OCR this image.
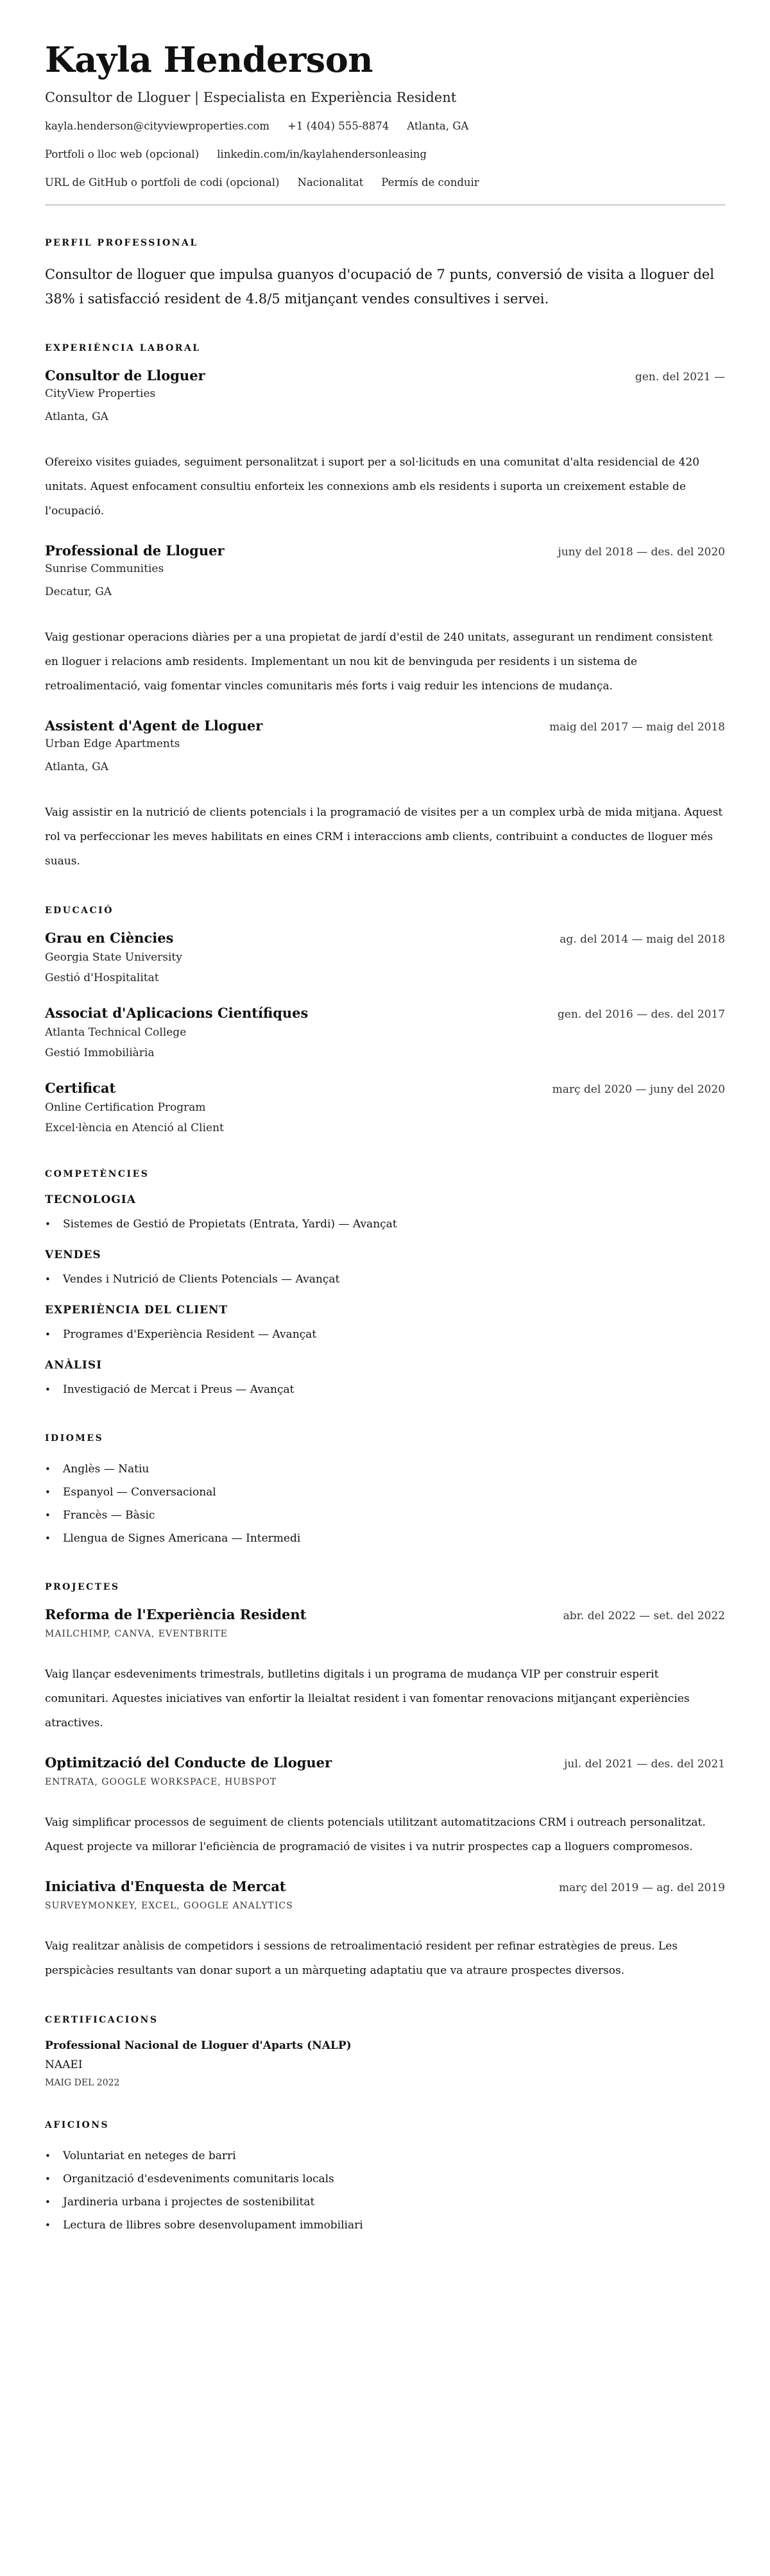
Kayla Henderson
Consultor de Lloguer | Especialista en Experiència Resident
kayla.henderson@cityviewproperties.com +1 (404) 555-8874 Atlanta, GA
Portfoli o lloc web (opcional) linkedin.com/in/kaylahendersonleasing
URL de GitHub o portfoli de codi (opcional) Nacionalitat Permís de conduir
PERFIL PROFESSIONAL

Consultor de lloguer que impulsa guanyos d'ocupació de 7 punts, conversió de visita a lloguer del 38% i satisfacció resident de 4.8/5 mitjançant vendes consultives i servei.

EXPERIÈNCIA LABORAL
Consultor de Lloguer	gen. del 2021 —
CityView Properties
Atlanta, GA

Ofereixo visites guiades, seguiment personalitzat i suport per a sol·licituds en una comunitat d'alta residencial de 420 unitats. Aquest enfocament consultiu enforteix les connexions amb els residents i suporta un creixement estable de l'ocupació.

Professional de Lloguer	juny del 2018 — des. del 2020
Sunrise Communities
Decatur, GA

Vaig gestionar operacions diàries per a una propietat de jardí d'estil de 240 unitats, assegurant un rendiment consistent en lloguer i relacions amb residents. Implementant un nou kit de benvinguda per residents i un sistema de retroalimentació, vaig fomentar vincles comunitaris més forts i vaig reduir les intencions de mudança.

Assistent d'Agent de Lloguer	maig del 2017 — maig del 2018
Urban Edge Apartments
Atlanta, GA

Vaig assistir en la nutrició de clients potencials i la programació de visites per a un complex urbà de mida mitjana. Aquest rol va perfeccionar les meves habilitats en eines CRM i interaccions amb clients, contribuint a conductes de lloguer més suaus.

EDUCACIÓ
Grau en Ciències	ag. del 2014 — maig del 2018
Georgia State University
Gestió d'Hospitalitat
Associat d'Aplicacions Científiques	gen. del 2016 — des. del 2017
Atlanta Technical College
Gestió Immobiliària
Certificat	març del 2020 — juny del 2020
Online Certification Program
Excel·lència en Atenció al Client
COMPETÈNCIES
TECNOLOGIA
• Sistemes de Gestió de Propietats (Entrata, Yardi) — Avançat
VENDES
• Vendes i Nutrició de Clients Potencials — Avançat
EXPERIÈNCIA DEL CLIENT
• Programes d'Experiència Resident — Avançat
ANÀLISI
• Investigació de Mercat i Preus — Avançat
IDIOMES
• Anglès — Natiu
• Espanyol — Conversacional
• Francès — Bàsic
• Llengua de Signes Americana — Intermedi
PROJECTES
Reforma de l'Experiència Resident	abr. del 2022 — set. del 2022
MAILCHIMP, CANVA, EVENTBRITE

Vaig llançar esdeveniments trimestrals, butlletins digitals i un programa de mudança VIP per construir esperit comunitari. Aquestes iniciatives van enfortir la lleialtat resident i van fomentar renovacions mitjançant experiències atractives.

Optimització del Conducte de Lloguer	jul. del 2021 — des. del 2021
ENTRATA, GOOGLE WORKSPACE, HUBSPOT

Vaig simplificar processos de seguiment de clients potencials utilitzant automatitzacions CRM i outreach personalitzat. Aquest projecte va millorar l'eficiència de programació de visites i va nutrir prospectes cap a lloguers compromesos.

Iniciativa d'Enquesta de Mercat	març del 2019 — ag. del 2019
SURVEYMONKEY, EXCEL, GOOGLE ANALYTICS

Vaig realitzar anàlisis de competidors i sessions de retroalimentació resident per refinar estratègies de preus. Les perspicàcies resultants van donar suport a un màrqueting adaptatiu que va atraure prospectes diversos.

CERTIFICACIONS
Professional Nacional de Lloguer d'Aparts (NALP)
NAAEI
MAIG DEL 2022
AFICIONS
• Voluntariat en neteges de barri
• Organització d'esdeveniments comunitaris locals
• Jardineria urbana i projectes de sostenibilitat
• Lectura de llibres sobre desenvolupament immobiliari
